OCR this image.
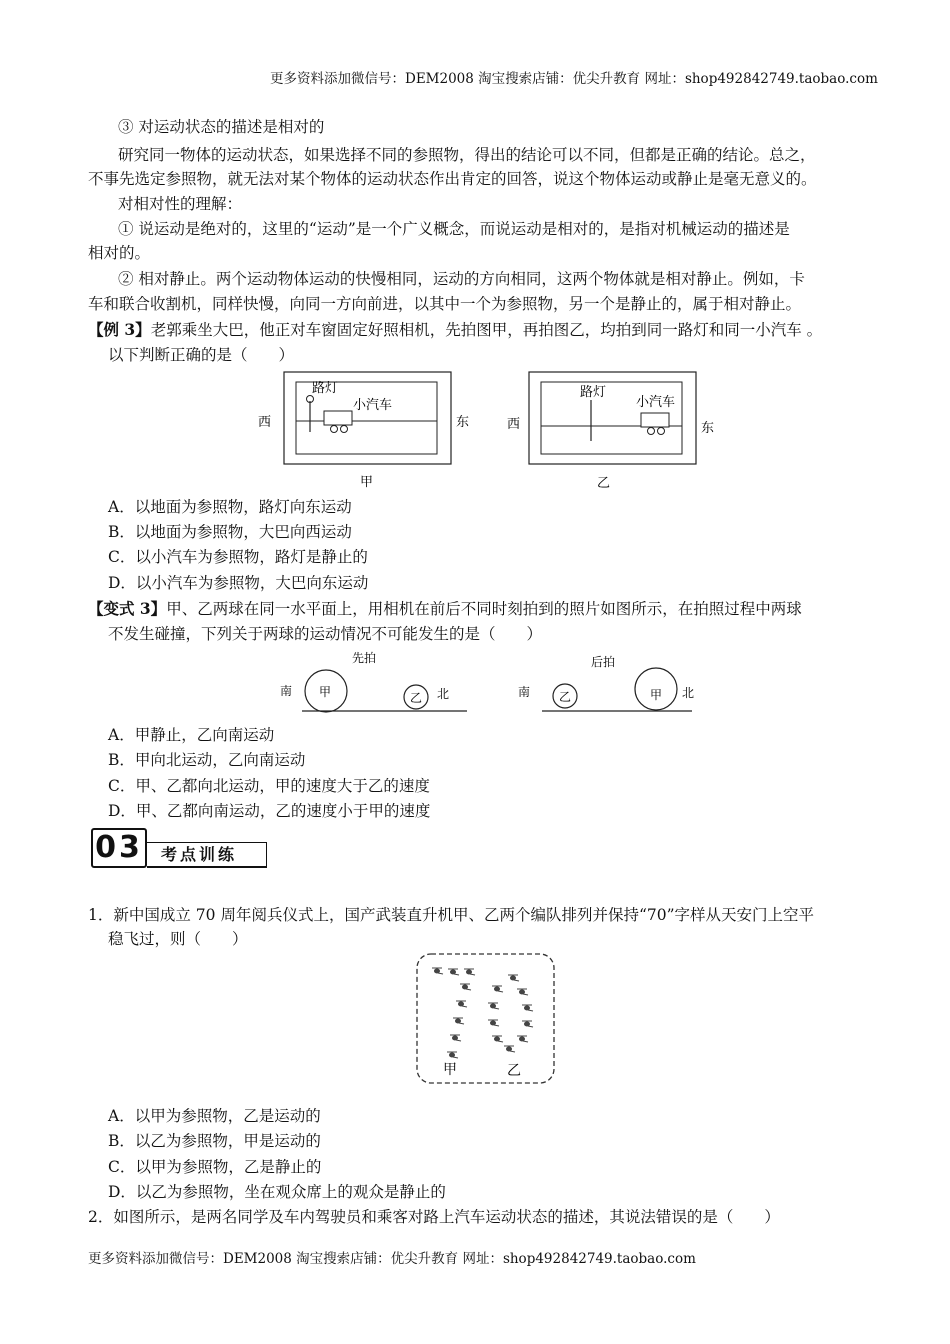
更多资料添加微信号：DEM2008 淘宝搜索店铺：优尖升教育 网址：shop492842749.taobao.com
③ 对运动状态的描述是相对的
研究同一物体的运动状态，如果选择不同的参照物，得出的结论可以不同，但都是正确的结论。总之，
不事先选定参照物，就无法对某个物体的运动状态作出肯定的回答，说这个物体运动或静止是毫无意义的。
对相对性的理解：
① 说运动是绝对的，这里的“运动”是一个广义概念，而说运动是相对的，是指对机械运动的描述是
相对的。
② 相对静止。两个运动物体运动的快慢相同，运动的方向相同，这两个物体就是相对静止。例如，卡
车和联合收割机，同样快慢，向同一方向前进，以其中一个为参照物，另一个是静止的，属于相对静止。
【例 3】老郭乘坐大巴，他正对车窗固定好照相机，先拍图甲，再拍图乙，均拍到同一路灯和同一小汽车 。
以下判断正确的是（　　）
路灯
小汽车
西	东
甲
路灯
小汽车
西	东
乙
A．以地面为参照物，路灯向东运动
B．以地面为参照物，大巴向西运动
C．以小汽车为参照物，路灯是静止的
D．以小汽车为参照物，大巴向东运动
【变式 3】甲、乙两球在同一水平面上，用相机在前后不同时刻拍到的照片如图所示，在拍照过程中两球
不发生碰撞，下列关于两球的运动情况不可能发生的是（　　）
先拍
南 甲	乙 北
后拍
南 乙	甲 北
A．甲静止，乙向南运动
B．甲向北运动，乙向南运动
C．甲、乙都向北运动，甲的速度大于乙的速度
D．甲、乙都向南运动，乙的速度小于甲的速度
03 考点训练
1．新中国成立 70 周年阅兵仪式上，国产武装直升机甲、乙两个编队排列并保持“70”字样从天安门上空平
稳飞过，则（　　）
甲	乙
A．以甲为参照物，乙是运动的
B．以乙为参照物，甲是运动的
C．以甲为参照物，乙是静止的
D．以乙为参照物，坐在观众席上的观众是静止的
2．如图所示，是两名同学及车内驾驶员和乘客对路上汽车运动状态的描述，其说法错误的是（　　）
更多资料添加微信号：DEM2008 淘宝搜索店铺：优尖升教育 网址：shop492842749.taobao.com
